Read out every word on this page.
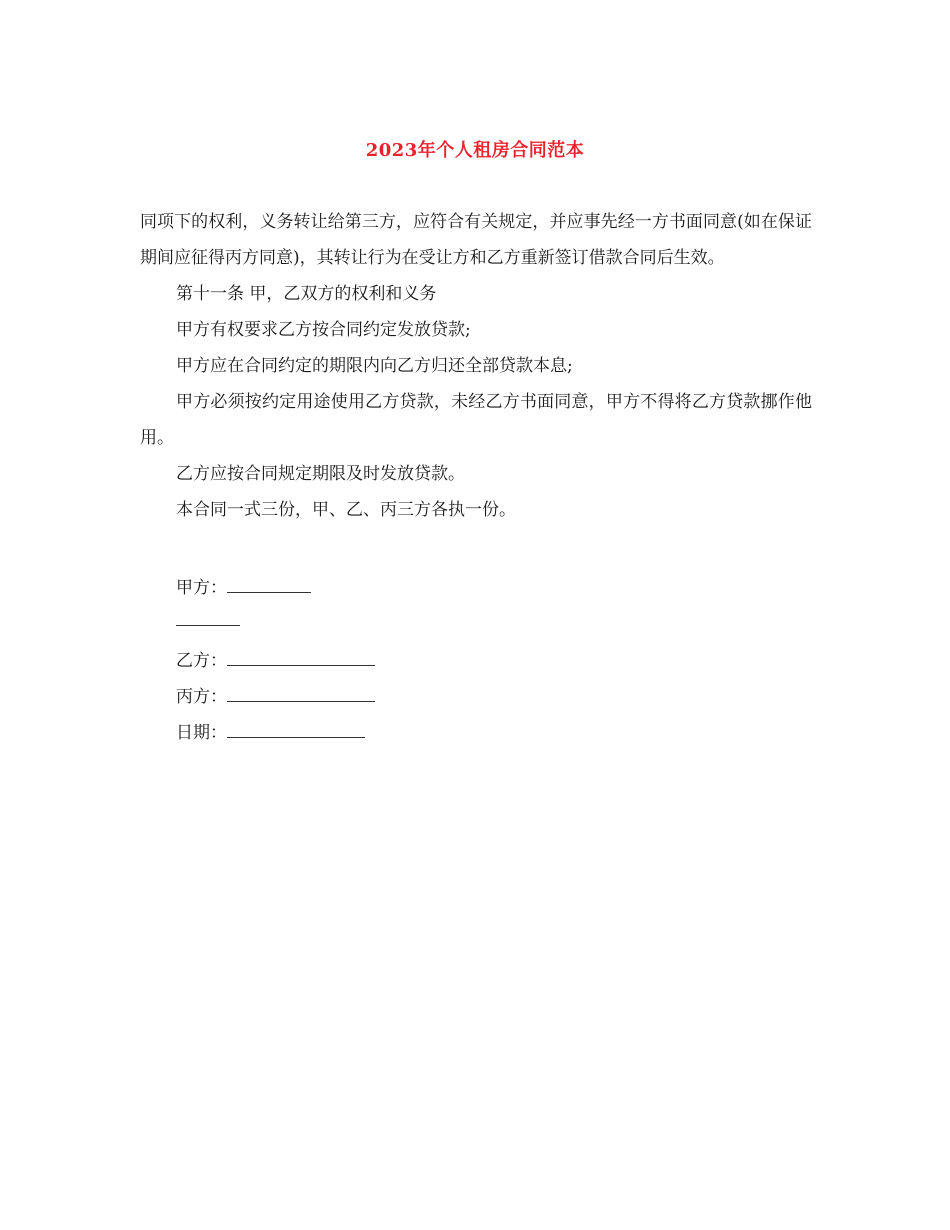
2023年个人租房合同范本

同项下的权利，义务转让给第三方，应符合有关规定，并应事先经一方书面同意(如在保证期间应征得丙方同意)，其转让行为在受让方和乙方重新签订借款合同后生效。

第十一条 甲，乙双方的权利和义务

甲方有权要求乙方按合同约定发放贷款;

甲方应在合同约定的期限内向乙方归还全部贷款本息;

甲方必须按约定用途使用乙方贷款，未经乙方书面同意，甲方不得将乙方贷款挪作他用。

乙方应按合同规定期限及时发放贷款。

本合同一式三份，甲、乙、丙三方各执一份。

甲方：
乙方：
丙方：
日期：
